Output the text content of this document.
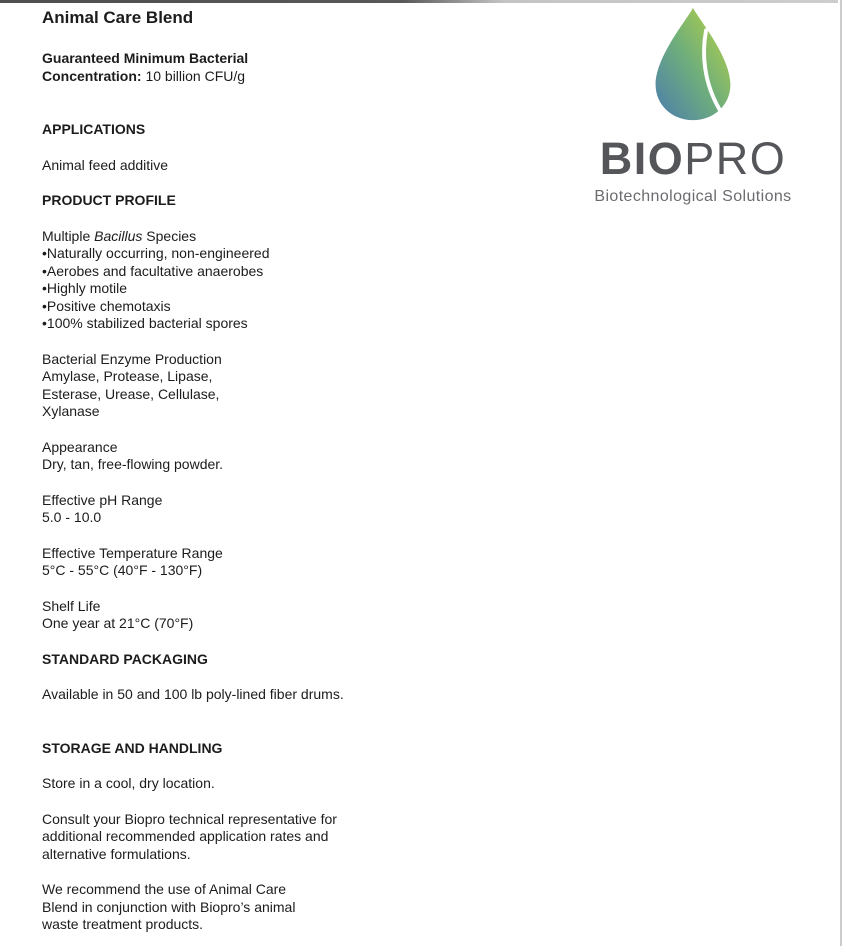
Animal Care Blend
Guaranteed Minimum Bacterial
Concentration: 10 billion CFU/g
APPLICATIONS
Animal feed additive
PRODUCT PROFILE
Multiple Bacillus Species
• Naturally occurring, non-engineered
• Aerobes and facultative anaerobes
• Highly motile
• Positive chemotaxis
• 100% stabilized bacterial spores
Bacterial Enzyme Production
Amylase, Protease, Lipase,
Esterase, Urease, Cellulase,
Xylanase
Appearance
Dry, tan, free-flowing powder.
Effective pH Range
5.0 - 10.0
Effective Temperature Range
5°C - 55°C (40°F - 130°F)
Shelf Life
One year at 21°C (70°F)
STANDARD PACKAGING
Available in 50 and 100 lb poly-lined fiber drums.
STORAGE AND HANDLING
Store in a cool, dry location.
Consult your Biopro technical representative for
additional recommended application rates and
alternative formulations.
We recommend the use of Animal Care
Blend in conjunction with Biopro’s animal
waste treatment products.
BIOPRO
Biotechnological Solutions
